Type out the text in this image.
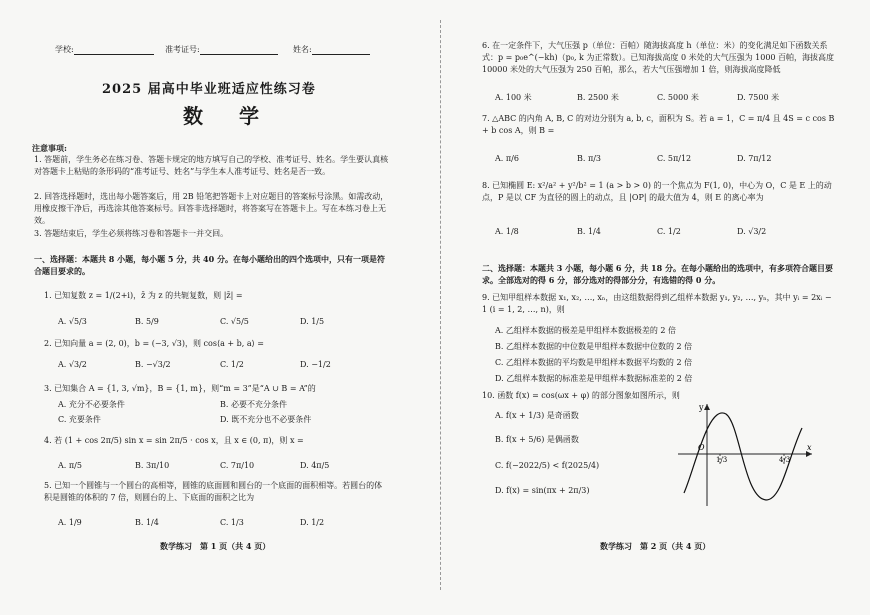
学校:	准考证号:	姓名:
2025 届高中毕业班适应性练习卷
数　学
注意事项:
1. 答题前，学生务必在练习卷、答题卡规定的地方填写自己的学校、准考证号、姓名。学生要认真核对答题卡上粘贴的条形码的“准考证号、姓名”与学生本人准考证号、姓名是否一致。
2. 回答选择题时，选出每小题答案后，用 2B 铅笔把答题卡上对应题目的答案标号涂黑。如需改动，用橡皮擦干净后，再选涂其他答案标号。回答非选择题时，将答案写在答题卡上。写在本练习卷上无效。
3. 答题结束后，学生必须将练习卷和答题卡一并交回。
一、选择题：本题共 8 小题，每小题 5 分，共 40 分。在每小题给出的四个选项中，只有一项是符合题目要求的。
1. 已知复数 z = 1/(2+i)，z̄ 为 z 的共轭复数，则 |z̄| =
A. √5/3	B. 5/9	C. √5/5	D. 1/5
2. 已知向量 a = (2, 0)，b = (−3, √3)，则 cos⟨a + b, a⟩ =
A. √3/2	B. −√3/2	C. 1/2	D. −1/2
3. 已知集合 A = {1, 3, √m}，B = {1, m}，则“m = 3”是“A ∪ B = A”的
A. 充分不必要条件	B. 必要不充分条件
C. 充要条件	D. 既不充分也不必要条件
4. 若 (1 + cos 2π/5) sin x = sin 2π/5 · cos x，且 x ∈ (0, π)，则 x =
A. π/5	B. 3π/10	C. 7π/10	D. 4π/5
5. 已知一个圆锥与一个圆台的高相等，圆锥的底面圆和圆台的一个底面的面积相等。若圆台的体积是圆锥的体积的 7 倍，则圆台的上、下底面的面积之比为
A. 1/9	B. 1/4	C. 1/3	D. 1/2
数学练习　第 1 页（共 4 页）
6. 在一定条件下，大气压强 p（单位：百帕）随海拔高度 h（单位：米）的变化满足如下函数关系式：p = p₀e^(−kh)（p₀, k 为正常数）。已知海拔高度 0 米处的大气压强为 1000 百帕，海拔高度 10000 米处的大气压强为 250 百帕，那么，若大气压强增加 1 倍，则海拔高度降低
A. 100 米	B. 2500 米	C. 5000 米	D. 7500 米
7. △ABC 的内角 A, B, C 的对边分别为 a, b, c，面积为 S。若 a = 1，C = π/4 且 4S = c cos B + b cos A，则 B =
A. π/6	B. π/3	C. 5π/12	D. 7π/12
8. 已知椭圆 E: x²/a² + y²/b² = 1 (a > b > 0) 的一个焦点为 F(1, 0)，中心为 O，C 是 E 上的动点，P 是以 CF 为直径的圆上的动点，且 |OP| 的最大值为 4，则 E 的离心率为
A. 1/8	B. 1/4	C. 1/2	D. √3/2
二、选择题：本题共 3 小题，每小题 6 分，共 18 分。在每小题给出的选项中，有多项符合题目要求。全部选对的得 6 分，部分选对的得部分分，有选错的得 0 分。
9. 已知甲组样本数据 x₁, x₂, …, xₙ，由这组数据得到乙组样本数据 y₁, y₂, …, yₙ，其中 yᵢ = 2xᵢ − 1 (i = 1, 2, …, n)，则
A. 乙组样本数据的极差是甲组样本数据极差的 2 倍
B. 乙组样本数据的中位数是甲组样本数据中位数的 2 倍
C. 乙组样本数据的平均数是甲组样本数据平均数的 2 倍
D. 乙组样本数据的标准差是甲组样本数据标准差的 2 倍
10. 函数 f(x) = cos(ωx + φ) 的部分图象如图所示，则
A. f(x + 1/3) 是奇函数
B. f(x + 5/6) 是偶函数
C. f(−2022/5) < f(2025/4)
D. f(x) = sin(πx + 2π/3)
y
x
O
1/3	4/3
数学练习　第 2 页（共 4 页）
